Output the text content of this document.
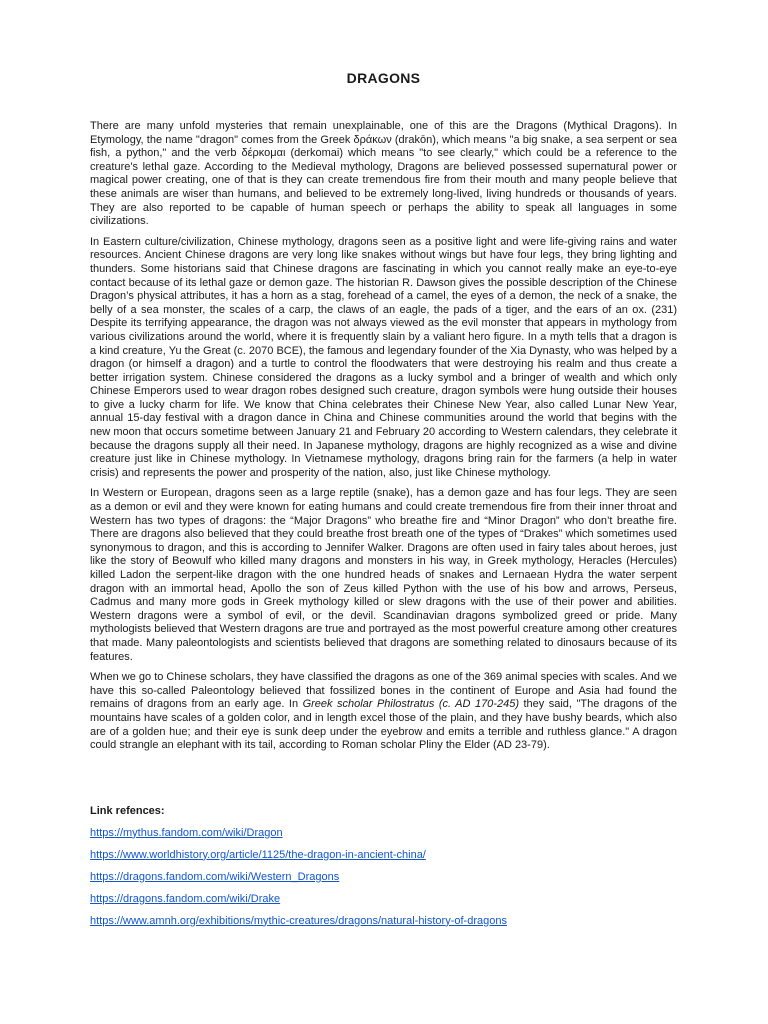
DRAGONS

There are many unfold mysteries that remain unexplainable, one of this are the Dragons (Mythical Dragons). In Etymology, the name "dragon" comes from the Greek δράκων (drakōn), which means "a big snake, a sea serpent or sea fish, a python," and the verb δέρκομαι (derkomai) which means "to see clearly," which could be a reference to the creature's lethal gaze. According to the Medieval mythology, Dragons are believed possessed supernatural power or magical power creating, one of that is they can create tremendous fire from their mouth and many people believe that these animals are wiser than humans, and believed to be extremely long-lived, living hundreds or thousands of years. They are also reported to be capable of human speech or perhaps the ability to speak all languages in some civilizations.

In Eastern culture/civilization, Chinese mythology, dragons seen as a positive light and were life-giving rains and water resources. Ancient Chinese dragons are very long like snakes without wings but have four legs, they bring lighting and thunders. Some historians said that Chinese dragons are fascinating in which you cannot really make an eye-to-eye contact because of its lethal gaze or demon gaze. The historian R. Dawson gives the possible description of the Chinese Dragon’s physical attributes, it has a horn as a stag, forehead of a camel, the eyes of a demon, the neck of a snake, the belly of a sea monster, the scales of a carp, the claws of an eagle, the pads of a tiger, and the ears of an ox. (231) Despite its terrifying appearance, the dragon was not always viewed as the evil monster that appears in mythology from various civilizations around the world, where it is frequently slain by a valiant hero figure. In a myth tells that a dragon is a kind creature, Yu the Great (c. 2070 BCE), the famous and legendary founder of the Xia Dynasty, who was helped by a dragon (or himself a dragon) and a turtle to control the floodwaters that were destroying his realm and thus create a better irrigation system. Chinese considered the dragons as a lucky symbol and a bringer of wealth and which only Chinese Emperors used to wear dragon robes designed such creature, dragon symbols were hung outside their houses to give a lucky charm for life. We know that China celebrates their Chinese New Year, also called Lunar New Year, annual 15-day festival with a dragon dance in China and Chinese communities around the world that begins with the new moon that occurs sometime between January 21 and February 20 according to Western calendars, they celebrate it because the dragons supply all their need. In Japanese mythology, dragons are highly recognized as a wise and divine creature just like in Chinese mythology. In Vietnamese mythology, dragons bring rain for the farmers (a help in water crisis) and represents the power and prosperity of the nation, also, just like Chinese mythology.

In Western or European, dragons seen as a large reptile (snake), has a demon gaze and has four legs. They are seen as a demon or evil and they were known for eating humans and could create tremendous fire from their inner throat and Western has two types of dragons: the “Major Dragons” who breathe fire and “Minor Dragon” who don’t breathe fire. There are dragons also believed that they could breathe frost breath one of the types of “Drakes” which sometimes used synonymous to dragon, and this is according to Jennifer Walker. Dragons are often used in fairy tales about heroes, just like the story of Beowulf who killed many dragons and monsters in his way, in Greek mythology, Heracles (Hercules) killed Ladon the serpent-like dragon with the one hundred heads of snakes and Lernaean Hydra the water serpent dragon with an immortal head, Apollo the son of Zeus killed Python with the use of his bow and arrows, Perseus, Cadmus and many more gods in Greek mythology killed or slew dragons with the use of their power and abilities. Western dragons were a symbol of evil, or the devil. Scandinavian dragons symbolized greed or pride. Many mythologists believed that Western dragons are true and portrayed as the most powerful creature among other creatures that made. Many paleontologists and scientists believed that dragons are something related to dinosaurs because of its features.

When we go to Chinese scholars, they have classified the dragons as one of the 369 animal species with scales. And we have this so-called Paleontology believed that fossilized bones in the continent of Europe and Asia had found the remains of dragons from an early age. In Greek scholar Philostratus (c. AD 170-245) they said, "The dragons of the mountains have scales of a golden color, and in length excel those of the plain, and they have bushy beards, which also are of a golden hue; and their eye is sunk deep under the eyebrow and emits a terrible and ruthless glance." A dragon could strangle an elephant with its tail, according to Roman scholar Pliny the Elder (AD 23-79).

Link refences:
https://mythus.fandom.com/wiki/Dragon
https://www.worldhistory.org/article/1125/the-dragon-in-ancient-china/
https://dragons.fandom.com/wiki/Western_Dragons
https://dragons.fandom.com/wiki/Drake
https://www.amnh.org/exhibitions/mythic-creatures/dragons/natural-history-of-dragons
